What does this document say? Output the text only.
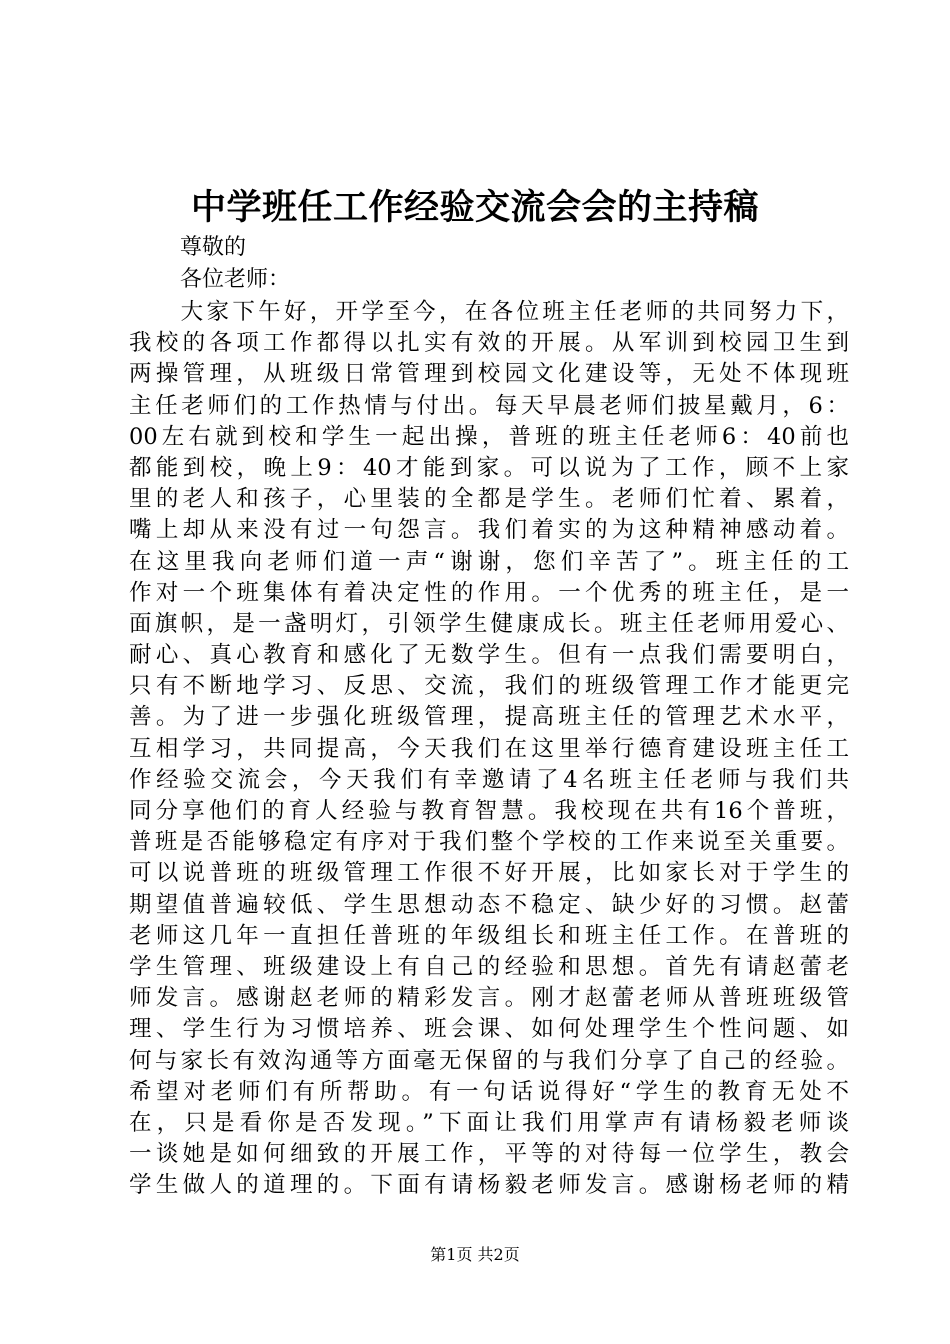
中学班任工作经验交流会会的主持稿
尊敬的
各位老师：
　　大家下午好，开学至今，在各位班主任老师的共同努力下，
我校的各项工作都得以扎实有效的开展。从军训到校园卫生到
两操管理，从班级日常管理到校园文化建设等，无处不体现班
主任老师们的工作热情与付出。每天早晨老师们披星戴月，6：
00左右就到校和学生一起出操，普班的班主任老师6：40前也
都能到校，晚上9：40才能到家。可以说为了工作，顾不上家
里的老人和孩子，心里装的全都是学生。老师们忙着、累着，
嘴上却从来没有过一句怨言。我们着实的为这种精神感动着。
在这里我向老师们道一声“谢谢，您们辛苦了”。班主任的工
作对一个班集体有着决定性的作用。一个优秀的班主任，是一
面旗帜，是一盏明灯，引领学生健康成长。班主任老师用爱心、
耐心、真心教育和感化了无数学生。但有一点我们需要明白，
只有不断地学习、反思、交流，我们的班级管理工作才能更完
善。为了进一步强化班级管理，提高班主任的管理艺术水平，
互相学习，共同提高，今天我们在这里举行德育建设班主任工
作经验交流会，今天我们有幸邀请了4名班主任老师与我们共
同分享他们的育人经验与教育智慧。我校现在共有16个普班，
普班是否能够稳定有序对于我们整个学校的工作来说至关重要。
可以说普班的班级管理工作很不好开展，比如家长对于学生的
期望值普遍较低、学生思想动态不稳定、缺少好的习惯。赵蕾
老师这几年一直担任普班的年级组长和班主任工作。在普班的
学生管理、班级建设上有自己的经验和思想。首先有请赵蕾老
师发言。感谢赵老师的精彩发言。刚才赵蕾老师从普班班级管
理、学生行为习惯培养、班会课、如何处理学生个性问题、如
何与家长有效沟通等方面毫无保留的与我们分享了自己的经验。
希望对老师们有所帮助。有一句话说得好“学生的教育无处不
在，只是看你是否发现。”下面让我们用掌声有请杨毅老师谈
一谈她是如何细致的开展工作，平等的对待每一位学生，教会
学生做人的道理的。下面有请杨毅老师发言。感谢杨老师的精
第1页 共2页
